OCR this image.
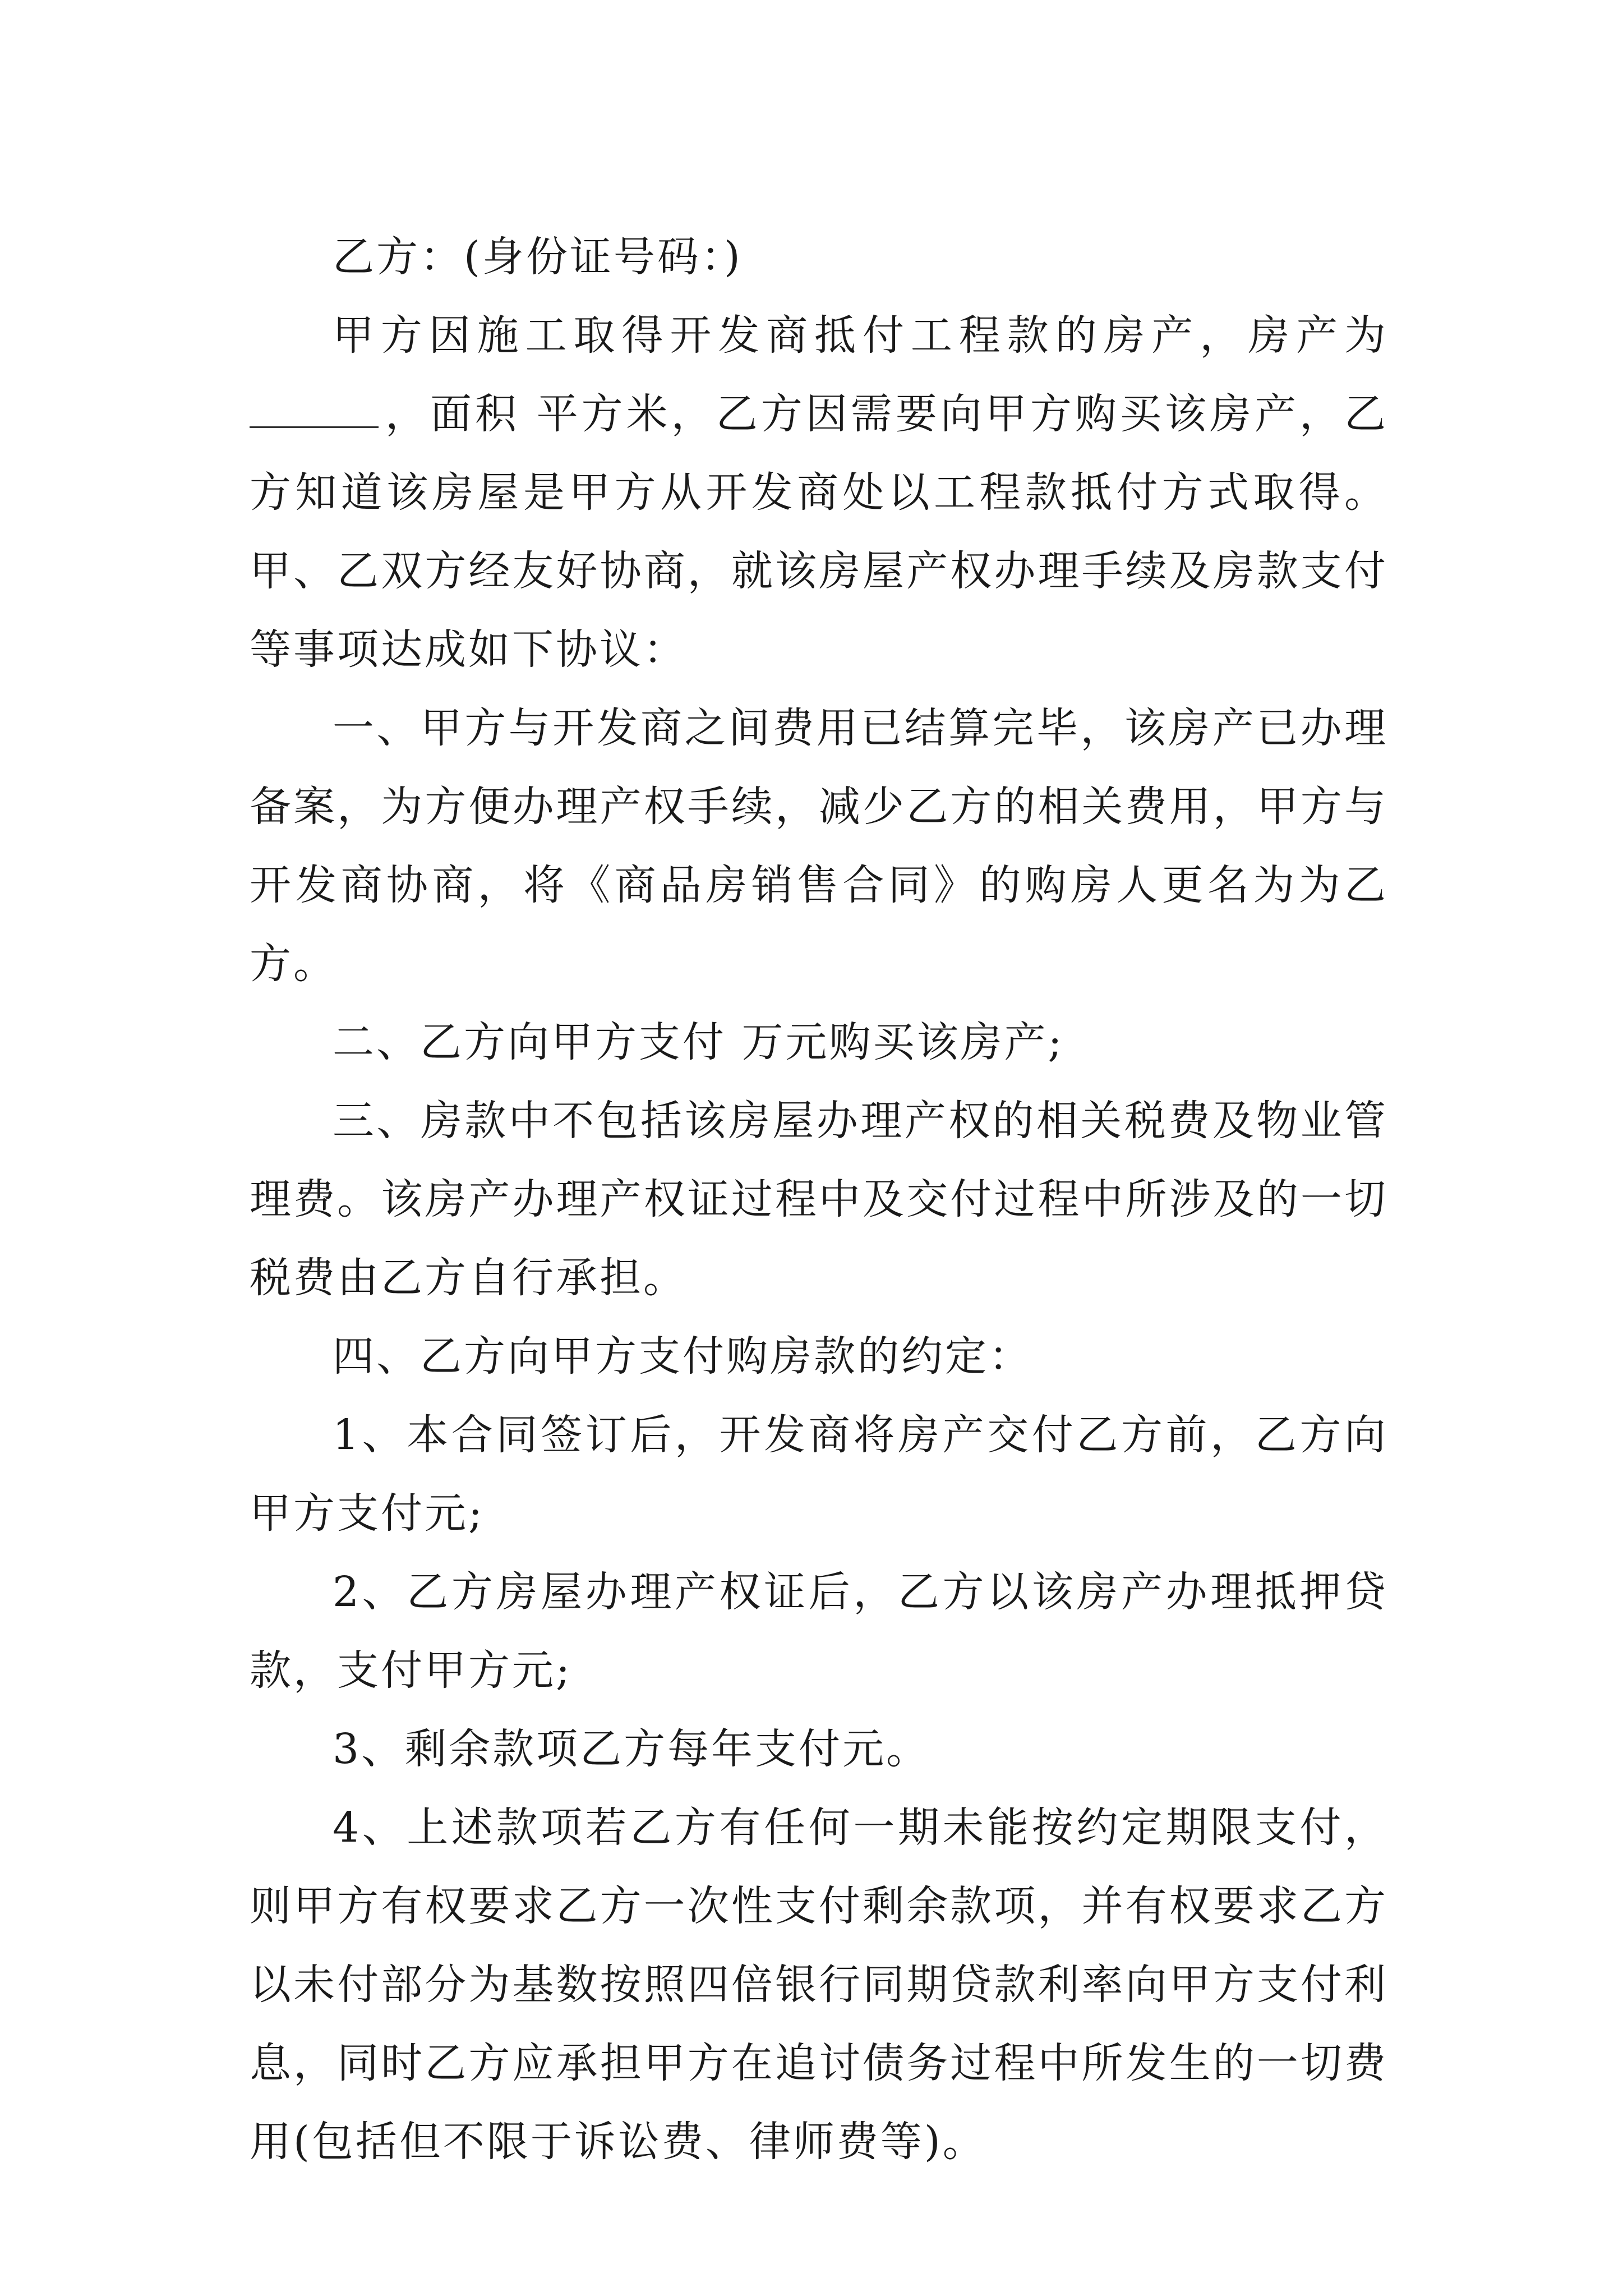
乙方：(身份证号码：)

甲方因施工取得开发商抵付工程款的房产，房产为，面积 平方米，乙方因需要向甲方购买该房产，乙方知道该房屋是甲方从开发商处以工程款抵付方式取得。甲、乙双方经友好协商，就该房屋产权办理手续及房款支付等事项达成如下协议：

一、甲方与开发商之间费用已结算完毕，该房产已办理备案，为方便办理产权手续，减少乙方的相关费用，甲方与开发商协商，将《商品房销售合同》的购房人更名为为乙方。

二、乙方向甲方支付 万元购买该房产;

三、房款中不包括该房屋办理产权的相关税费及物业管理费。该房产办理产权证过程中及交付过程中所涉及的一切税费由乙方自行承担。

四、乙方向甲方支付购房款的约定：

1、本合同签订后，开发商将房产交付乙方前，乙方向甲方支付元;

2、乙方房屋办理产权证后，乙方以该房产办理抵押贷款，支付甲方元;

3、剩余款项乙方每年支付元。

4、上述款项若乙方有任何一期未能按约定期限支付，则甲方有权要求乙方一次性支付剩余款项，并有权要求乙方以未付部分为基数按照四倍银行同期贷款利率向甲方支付利息，同时乙方应承担甲方在追讨债务过程中所发生的一切费用(包括但不限于诉讼费、律师费等)。
